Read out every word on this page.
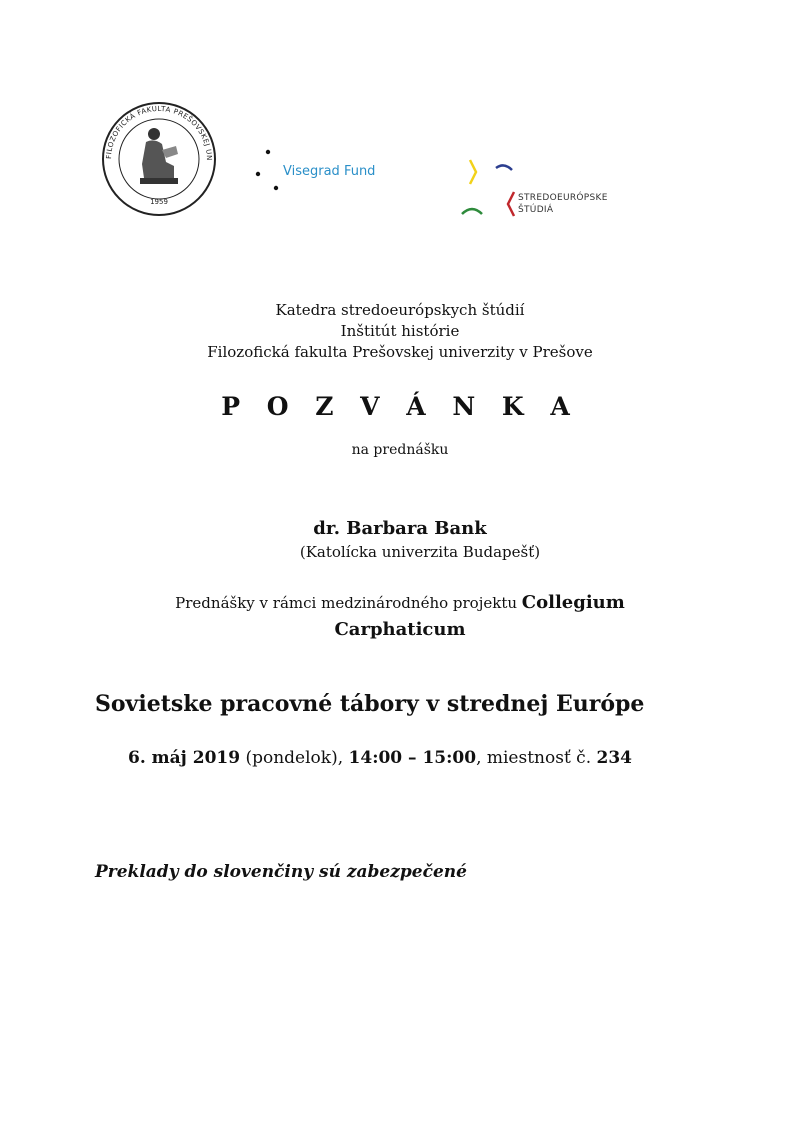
FILOZOFICKÁ FAKULTA PREŠOVSKEJ UN
1959
Visegrad Fund
STREDOEURÓPSKE
ŠTÚDIÁ
Katedra stredoeurópskych štúdií
Inštitút histórie
Filozofická fakulta Prešovskej univerzity v Prešove
P O Z V Á N K A
na prednášku
dr. Barbara Bank
(Katolícka univerzita Budapešť)
Prednášky v rámci medzinárodného projektu Collegium
Carphaticum
Sovietske pracovné tábory v strednej Európe
6. máj 2019 (pondelok), 14:00 – 15:00, miestnosť č. 234
Preklady do slovenčiny sú zabezpečené
